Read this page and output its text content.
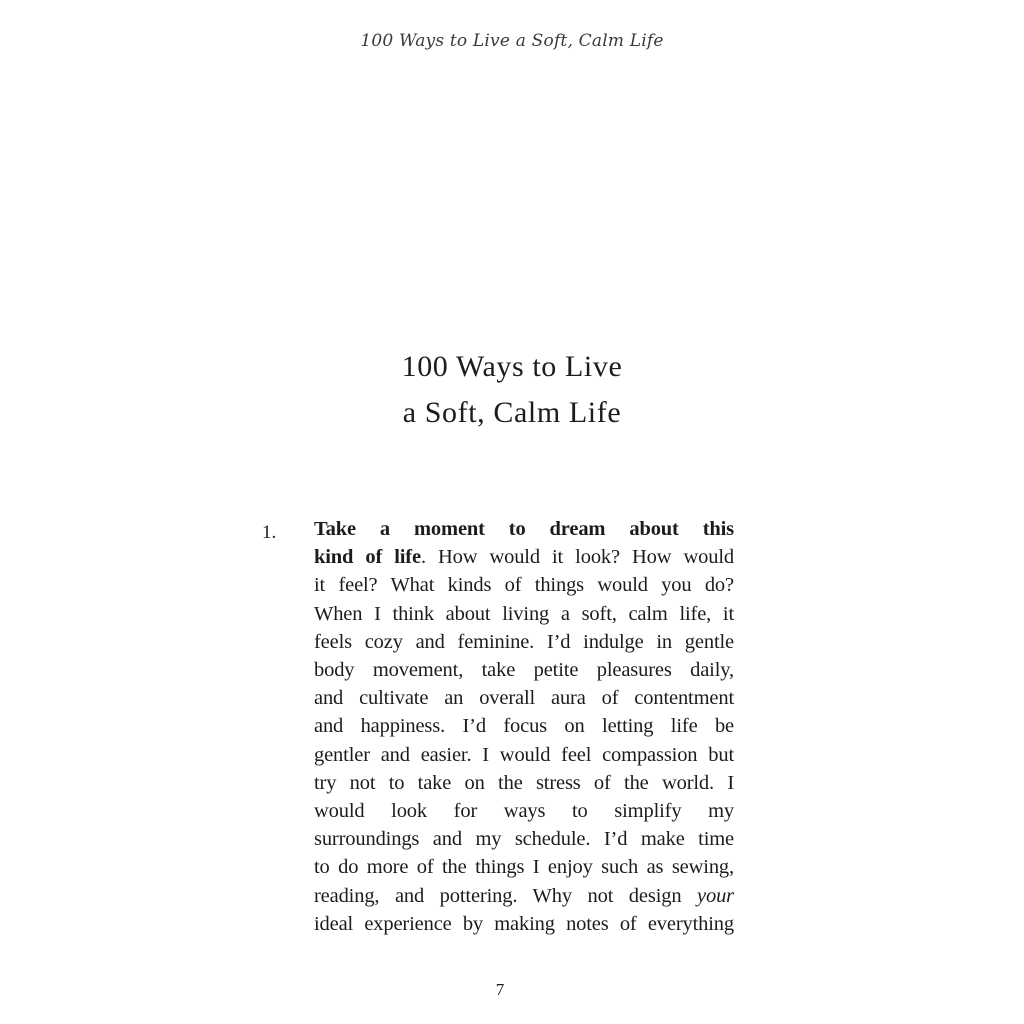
100 Ways to Live a Soft, Calm Life
100 Ways to Live
a Soft, Calm Life
1. Take a moment to dream about this
kind of life. How would it look? How would
it feel? What kinds of things would you do?
When I think about living a soft, calm life, it
feels cozy and feminine. I’d indulge in gentle
body movement, take petite pleasures daily,
and cultivate an overall aura of contentment
and happiness. I’d focus on letting life be
gentler and easier. I would feel compassion but
try not to take on the stress of the world. I
would look for ways to simplify my
surroundings and my schedule. I’d make time
to do more of the things I enjoy such as sewing,
reading, and pottering. Why not design your
ideal experience by making notes of everything
7
